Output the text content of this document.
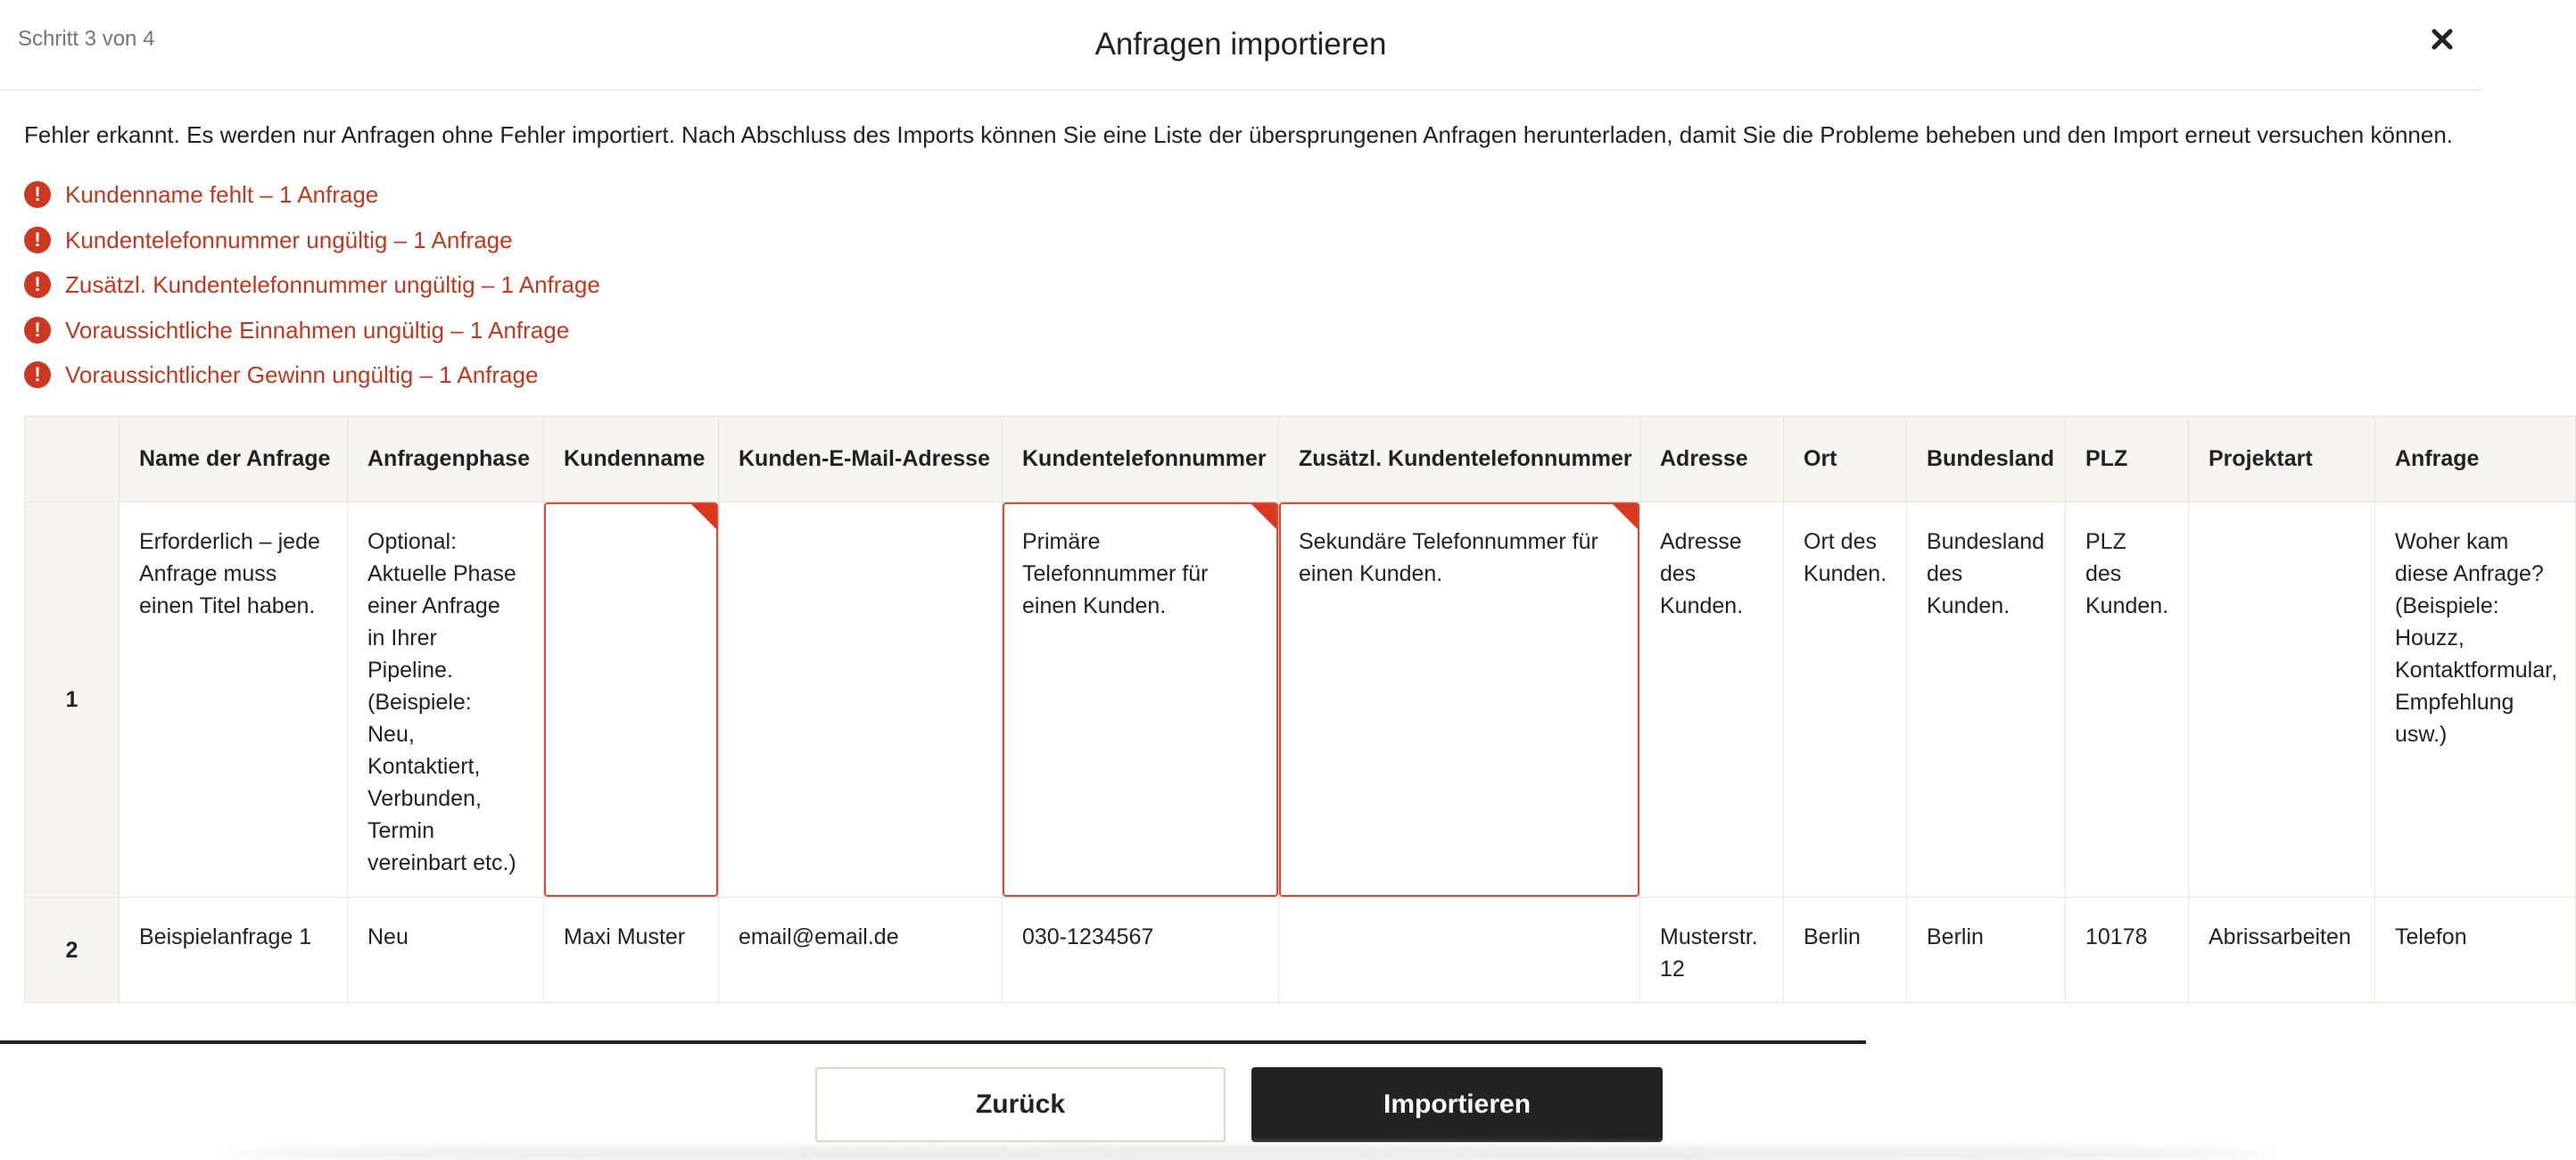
Schritt 3 von 4	Anfragen importieren
Fehler erkannt. Es werden nur Anfragen ohne Fehler importiert. Nach Abschluss des Imports können Sie eine Liste der übersprungenen Anfragen herunterladen, damit Sie die Probleme beheben und den Import erneut versuchen können.
!	Kundenname fehlt – 1 Anfrage
!	Kundentelefonnummer ungültig – 1 Anfrage
!	Zusätzl. Kundentelefonnummer ungültig – 1 Anfrage
!	Voraussichtliche Einnahmen ungültig – 1 Anfrage
!	Voraussichtlicher Gewinn ungültig – 1 Anfrage
	Name der Anfrage	Anfragenphase	Kundenname	Kunden-E-Mail-Adresse	Kundentelefonnummer	Zusätzl. Kundentelefonnummer	Adresse	Ort	Bundesland	PLZ	Projektart	Anfrage
1	Erforderlich – jede Anfrage muss einen Titel haben.	Optional: Aktuelle Phase einer Anfrage in Ihrer Pipeline. (Beispiele: Neu, Kontaktiert, Verbunden, Termin vereinbart etc.)			Primäre Telefonnummer für einen Kunden.	Sekundäre Telefonnummer für einen Kunden.	Adresse des Kunden.	Ort des Kunden.	Bundesland des Kunden.	PLZ des Kunden.		Woher kam diese Anfrage? (Beispiele: Houzz, Kontaktformular, Empfehlung usw.)
2	Beispielanfrage 1	Neu	Maxi Muster	email@email.de	030-1234567		Musterstr. 12	Berlin	Berlin	10178	Abrissarbeiten	Telefon
Zurück	Importieren
